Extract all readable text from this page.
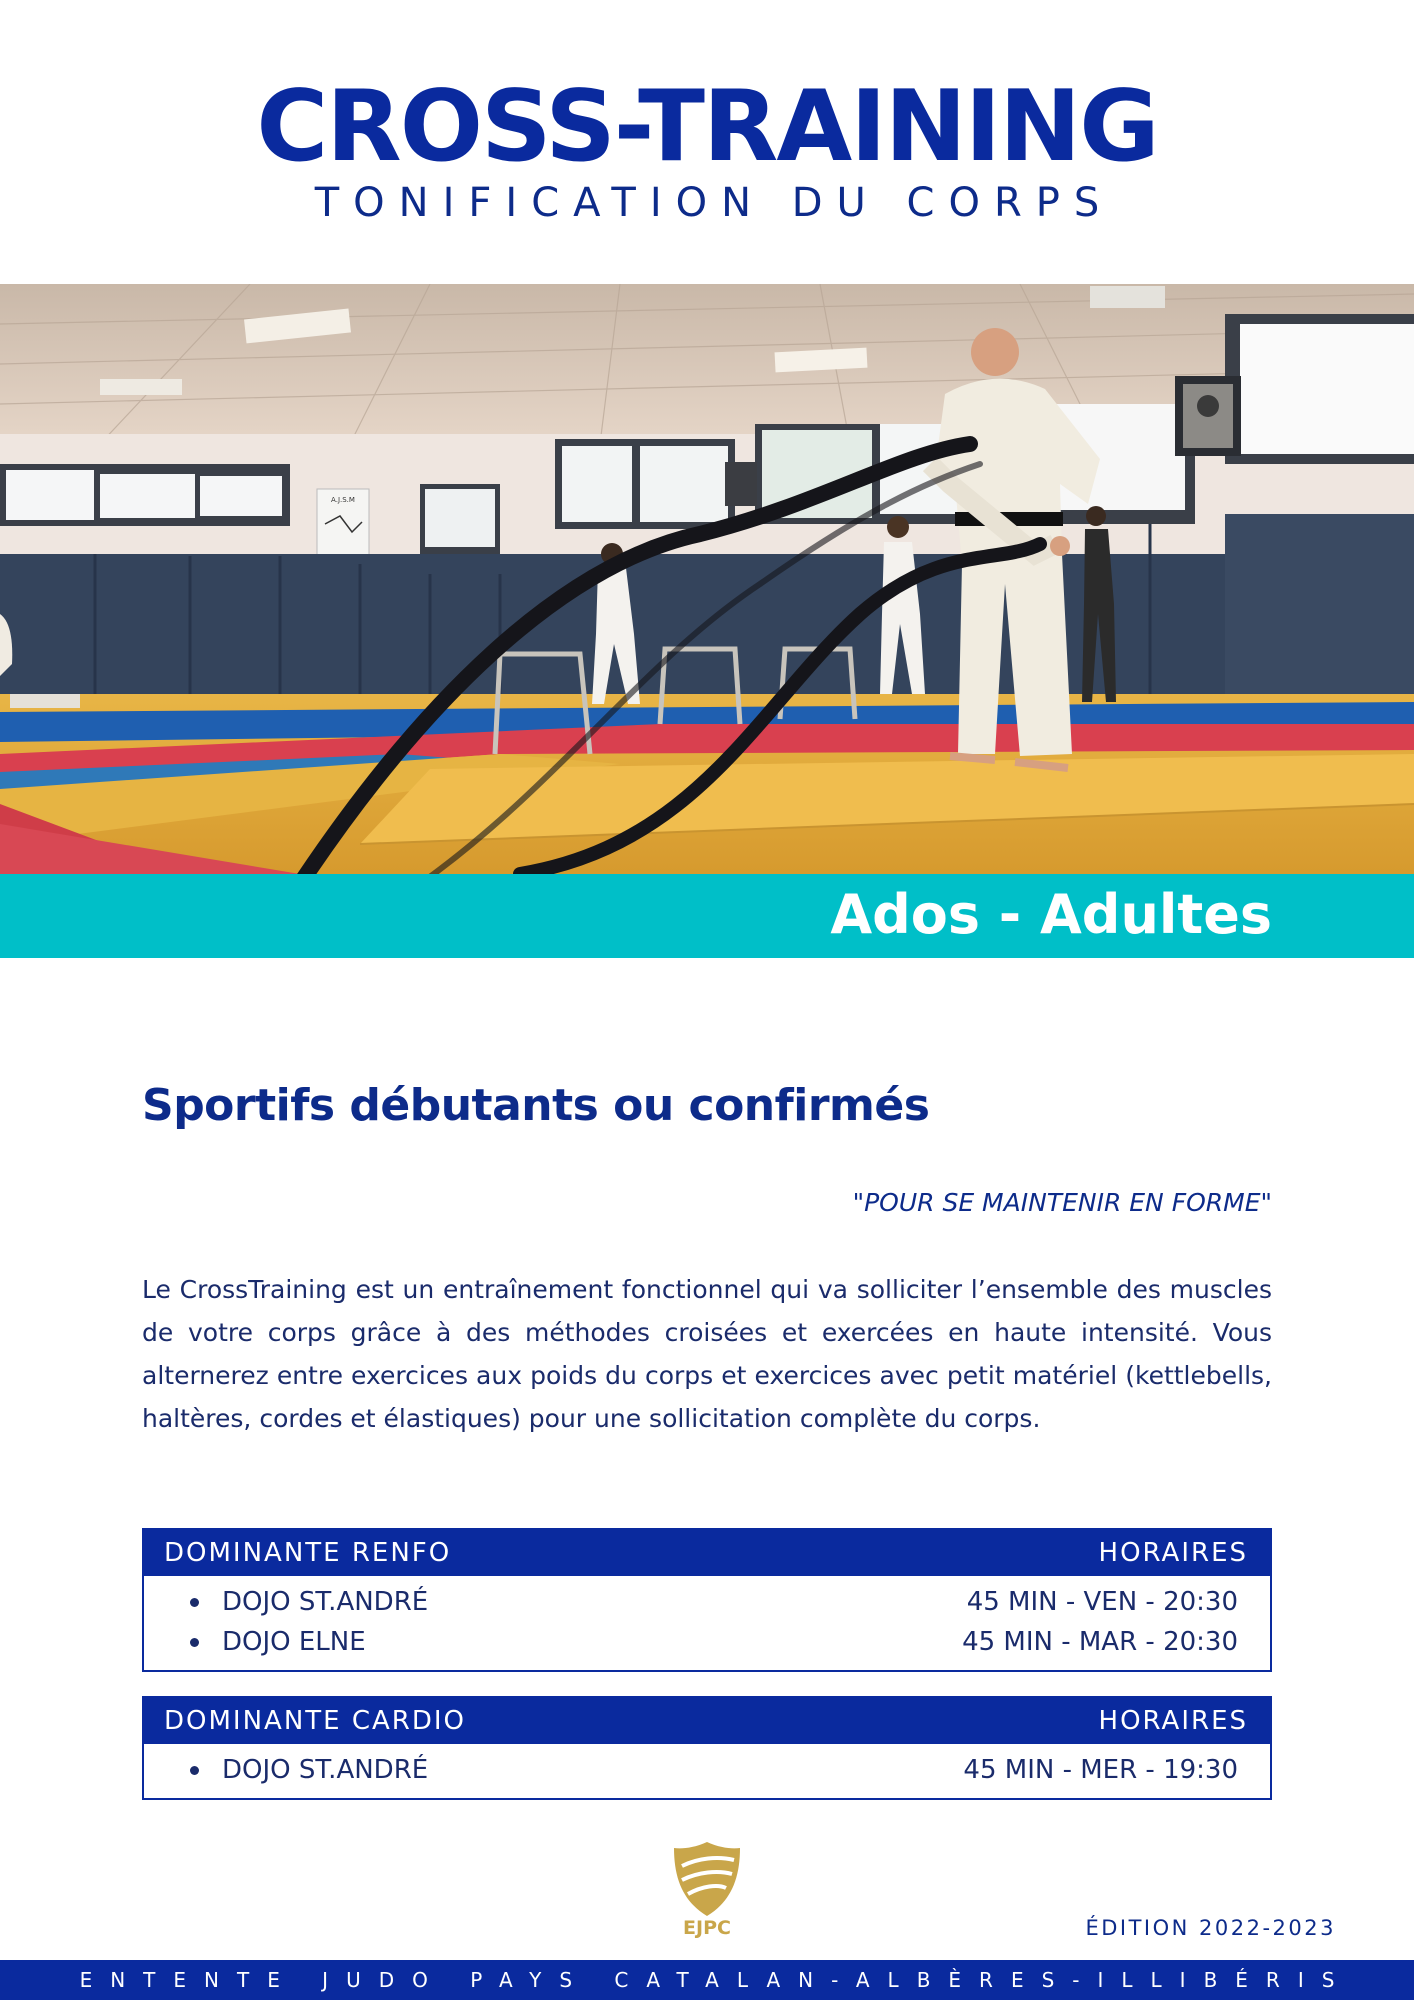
CROSS-TRAINING
TONIFICATION DU CORPS
A.J.S.M
Ados - Adultes
Sportifs débutants ou confirmés
"POUR SE MAINTENIR EN FORME"
Le CrossTraining est un entraînement fonctionnel qui va solliciter l’ensemble des muscles de votre corps grâce à des méthodes croisées et exercées en haute intensité. Vous alternerez entre exercices aux poids du corps et exercices avec petit matériel (kettlebells, haltères, cordes et élastiques) pour une sollicitation complète du corps.
DOMINANTE RENFO	HORAIRES
DOJO ST.ANDRÉ	45 MIN - VEN - 20:30
DOJO ELNE	45 MIN - MAR - 20:30
DOMINANTE CARDIO	HORAIRES
DOJO ST.ANDRÉ	45 MIN - MER - 19:30
EJPC	ÉDITION 2022-2023
ENTENTE JUDO PAYS CATALAN-ALBÈRES-ILLIBÉRIS
